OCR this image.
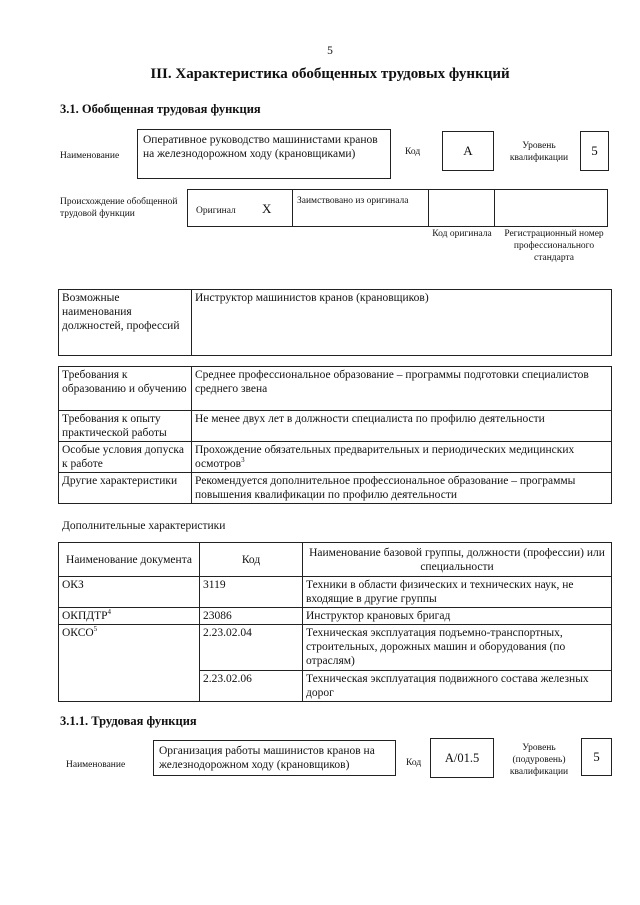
5
III. Характеристика обобщенных трудовых функций
3.1. Обобщенная трудовая функция
Наименование
Оперативное руководство машинистами кранов на железнодорожном ходу (крановщиками)	Код	A	Уровень квалификации	5
Происхождение обобщенной трудовой функции	Оригинал X	Заимствовано из оригинала
Код оригинала	Регистрационный номер профессионального стандарта
Возможные наименования должностей, профессий	Инструктор машинистов кранов (крановщиков)
Требования к образованию и обучению	Среднее профессиональное образование – программы подготовки специалистов среднего звена
Требования к опыту практической работы	Не менее двух лет в должности специалиста по профилю деятельности
Особые условия допуска к работе	Прохождение обязательных предварительных и периодических медицинских осмотров$^3$
Другие характеристики	Рекомендуется дополнительное профессиональное образование – программы повышения квалификации по профилю деятельности
Дополнительные характеристики
Наименование документа	Код	Наименование базовой группы, должности (профессии) или специальности
ОКЗ	3119	Техники в области физических и технических наук, не входящие в другие группы
ОКПДТР$^4$	23086	Инструктор крановых бригад
ОКСО$^5$	2.23.02.04	Техническая эксплуатация подъемно-транспортных, строительных, дорожных машин и оборудования (по отраслям)
	2.23.02.06	Техническая эксплуатация подвижного состава железных дорог
3.1.1. Трудовая функция
Наименование
Организация работы машинистов кранов на железнодорожном ходу (крановщиков)	Код	A/01.5
Уровень (подуровень) квалификации
5
